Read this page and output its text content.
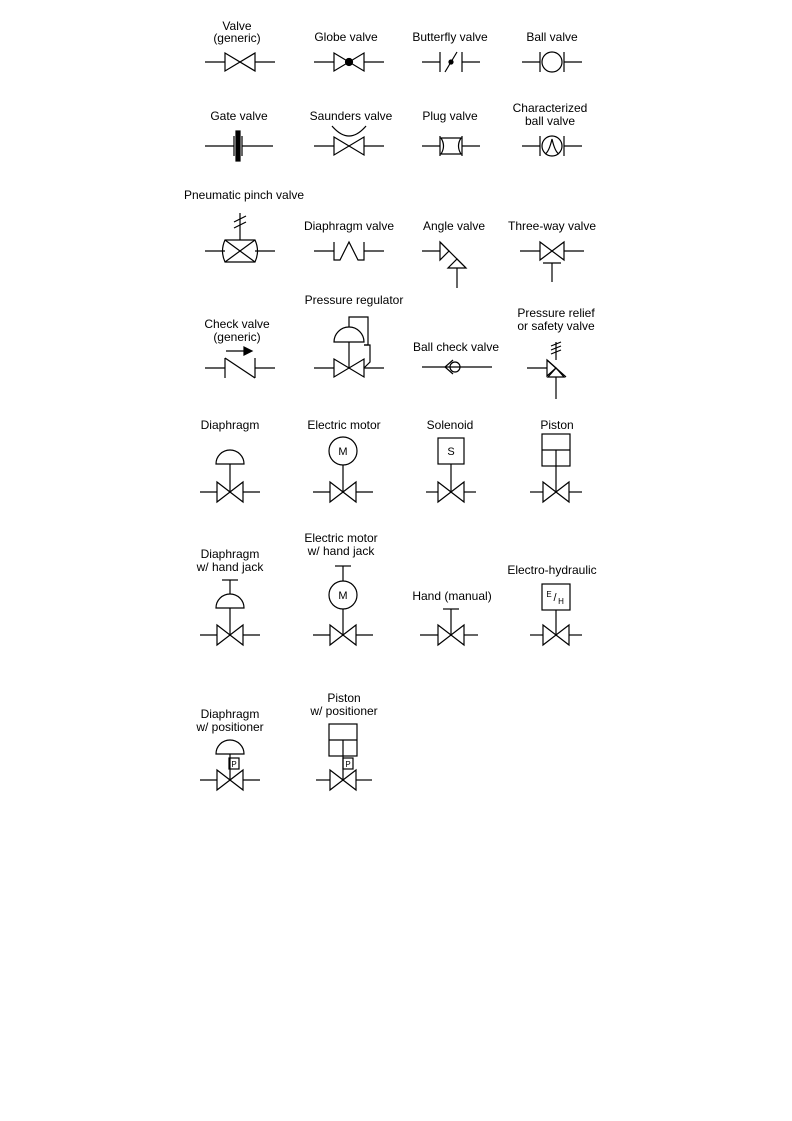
Valve
(generic)	Globe valve	Butterfly valve	Ball valve
Gate valve	Saunders valve Plug valve
Characterized
ball valve
Pneumatic pinch valve
Diaphragm valve Angle valve Three-way valve
Check valve
(generic)
Pressure regulator
Ball check valve
Pressure relief
or safety valve
Diaphragm	Electric motor
M
Solenoid
S
Piston
Diaphragm
w/ hand jack
Electric motor
w/ hand jack
M	Hand (manual)
Electro-hydraulic
E / H
Diaphragm
w/ positioner
P
Piston
w/ positioner
P
